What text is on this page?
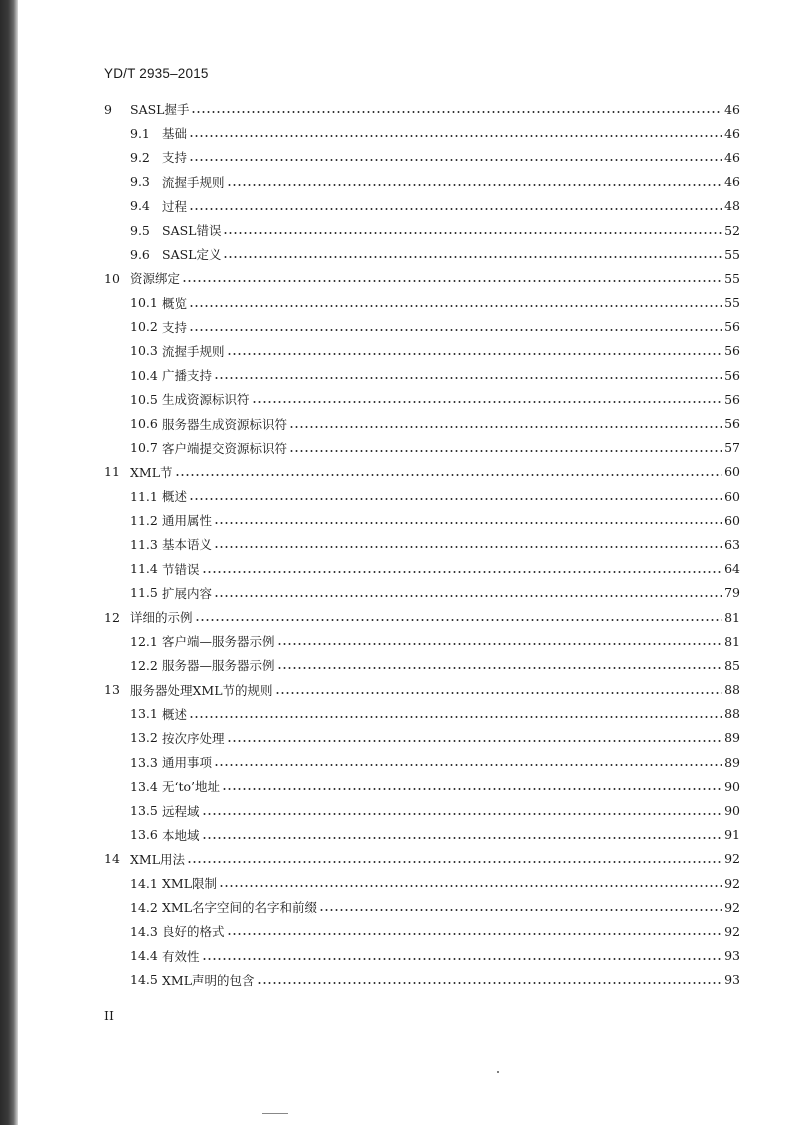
YD/T 2935–2015
9	SASL握手	46
9.1 基础	46
9.2 支持	46
9.3 流握手规则	46
9.4 过程	48
9.5 SASL错误	52
9.6 SASL定义	55
10 资源绑定	55
10.1 概览	55
10.2 支持	56
10.3 流握手规则	56
10.4 广播支持	56
10.5 生成资源标识符	56
10.6 服务器生成资源标识符	56
10.7 客户端提交资源标识符	57
11 XML节	60
11.1 概述	60
11.2 通用属性	60
11.3 基本语义	63
11.4 节错误	64
11.5 扩展内容	79
12 详细的示例	81
12.1 客户端—服务器示例	81
12.2 服务器—服务器示例	85
13 服务器处理XML节的规则	88
13.1 概述	88
13.2 按次序处理	89
13.3 通用事项	89
13.4 无‘to’地址	90
13.5 远程域	90
13.6 本地域	91
14 XML用法	92
14.1 XML限制	92
14.2 XML名字空间的名字和前缀	92
14.3 良好的格式	92
14.4 有效性	93
14.5 XML声明的包含	93
II
